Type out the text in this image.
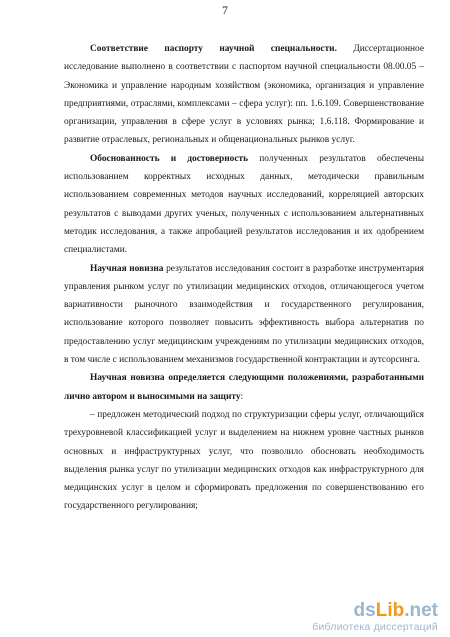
7

Соответствие паспорту научной специальности. Диссертационное исследование выполнено в соответствии с паспортом научной специальности 08.00.05 – Экономика и управление народным хозяйством (экономика, организация и управление предприятиями, отраслями, комплексами – сфера услуг): пп. 1.6.109. Совершенствование организации, управления в сфере услуг в условиях рынка; 1.6.118. Формирование и развитие отраслевых, региональных и общенациональных рынков услуг.

Обоснованность и достоверность полученных результатов обеспечены использованием корректных исходных данных, методически правильным использованием современных методов научных исследований, корреляцией авторских результатов с выводами других ученых, полученных с использованием альтернативных методик исследования, а также апробацией результатов исследования и их одобрением специалистами.

Научная новизна результатов исследования состоит в разработке инструментария управления рынком услуг по утилизации медицинских отходов, отличающегося учетом вариативности рыночного взаимодействия и государственного регулирования, использование которого позволяет повысить эффективность выбора альтернатив по предоставлению услуг медицинским учреждениям по утилизации медицинских отходов, в том числе с использованием механизмов государственной контрактации и аутсорсинга.

Научная новизна определяется следующими положениями, разработанными лично автором и выносимыми на защиту:

– предложен методический подход по структуризации сферы услуг, отличающийся трехуровневой классификацией услуг и выделением на нижнем уровне частных рынков основных и инфраструктурных услуг, что позволило обосновать необходимость выделения рынка услуг по утилизации медицинских отходов как инфраструктурного для медицинских услуг в целом и сформировать предложения по совершенствованию его государственного регулирования;

dsLib.net
библиотека диссертаций
